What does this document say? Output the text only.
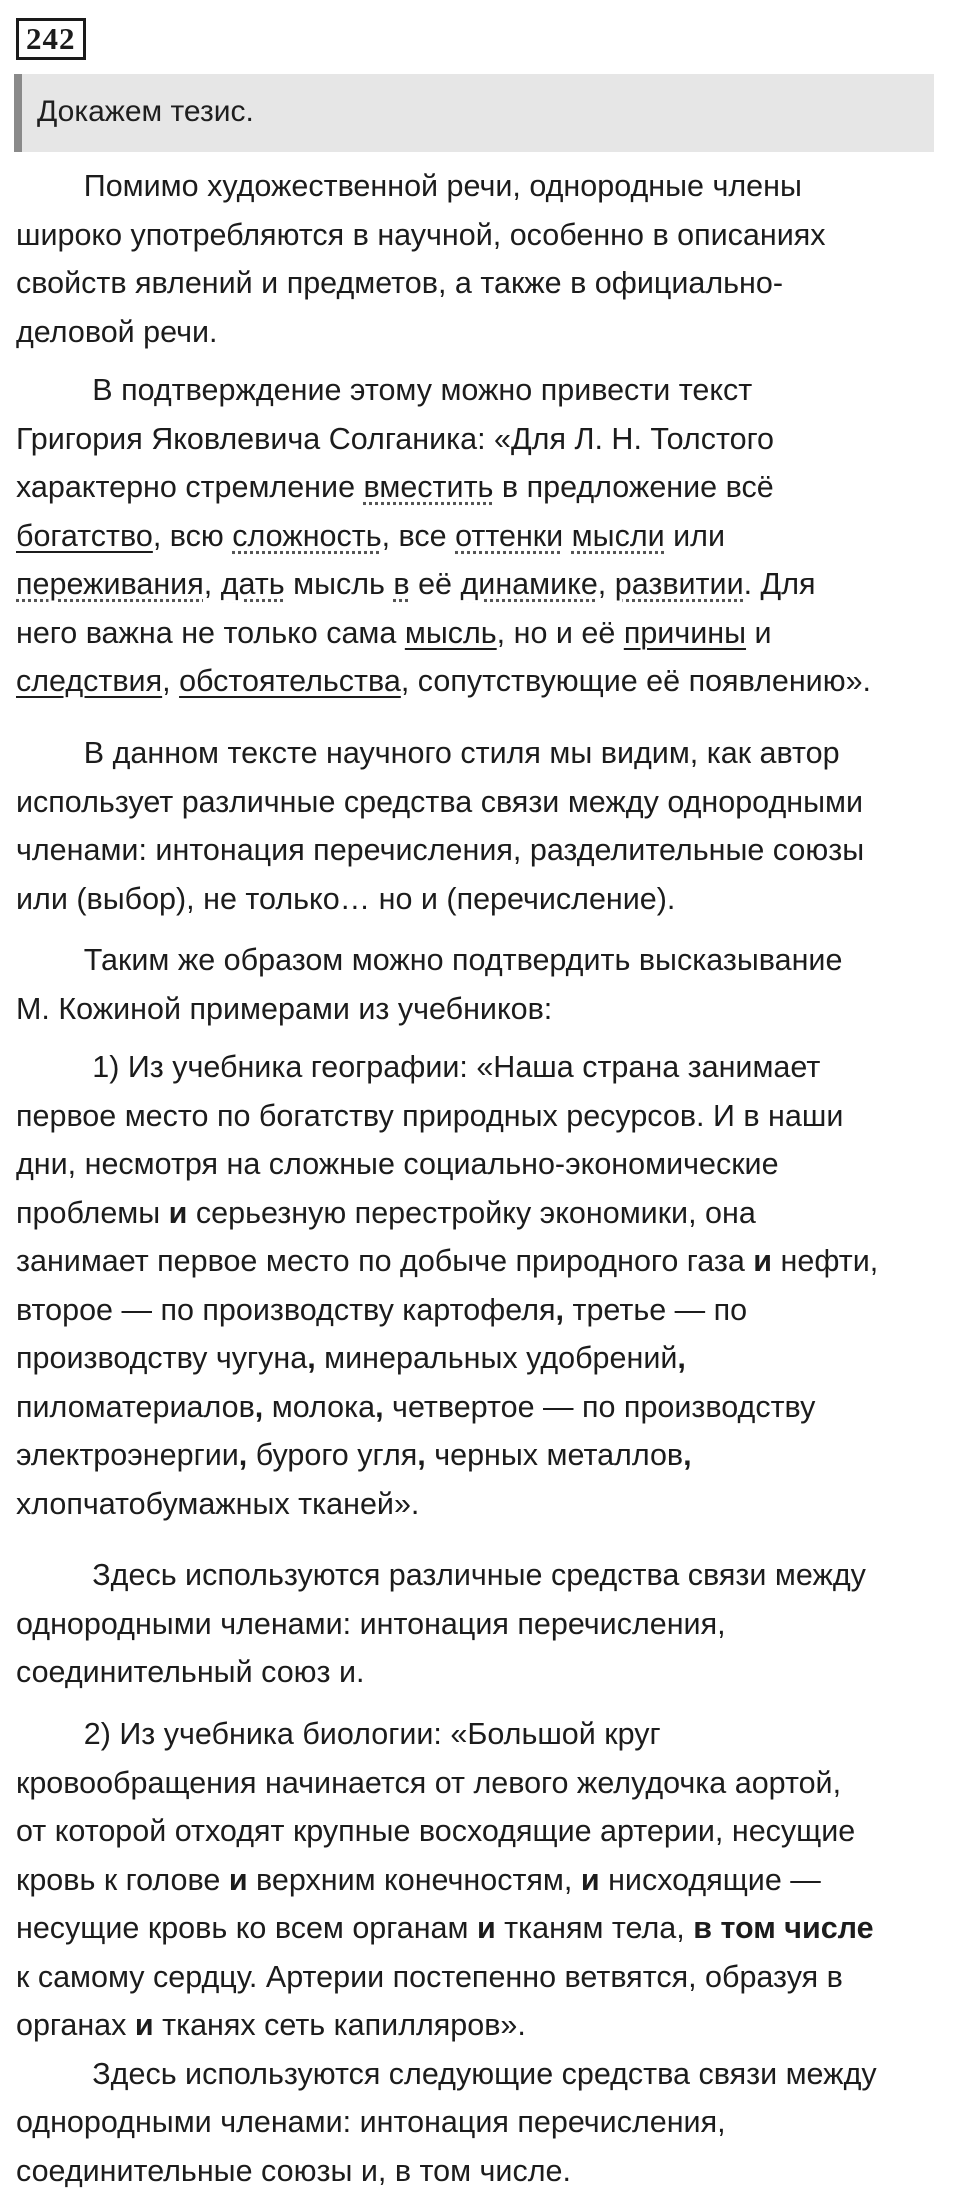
242
Докажем тезис.
Помимо художественной речи, однородные члены
широко употребляются в научной, особенно в описаниях
свойств явлений и предметов, а также в официально-
деловой речи.
В подтверждение этому можно привести текст
Григория Яковлевича Солганика: «Для Л. Н. Толстого
характерно стремление вместить в предложение всё
богатство, всю сложность, все оттенки мысли или
переживания, дать мысль в её динамике, развитии. Для
него важна не только сама мысль, но и её причины и
следствия, обстоятельства, сопутствующие её появлению».
В данном тексте научного стиля мы видим, как автор
использует различные средства связи между однородными
членами: интонация перечисления, разделительные союзы
или (выбор), не только… но и (перечисление).
Таким же образом можно подтвердить высказывание
М. Кожиной примерами из учебников:
1) Из учебника географии: «Наша страна занимает
первое место по богатству природных ресурсов. И в наши
дни, несмотря на сложные социально-экономические
проблемы и серьезную перестройку экономики, она
занимает первое место по добыче природного газа и нефти,
второе — по производству картофеля, третье — по
производству чугуна, минеральных удобрений,
пиломатериалов, молока, четвертое — по производству
электроэнергии, бурого угля, черных металлов,
хлопчатобумажных тканей».
Здесь используются различные средства связи между
однородными членами: интонация перечисления,
соединительный союз и.
2) Из учебника биологии: «Большой круг
кровообращения начинается от левого желудочка аортой,
от которой отходят крупные восходящие артерии, несущие
кровь к голове и верхним конечностям, и нисходящие —
несущие кровь ко всем органам и тканям тела, в том числе
к самому сердцу. Артерии постепенно ветвятся, образуя в
органах и тканях сеть капилляров».
Здесь используются следующие средства связи между
однородными членами: интонация перечисления,
соединительные союзы и, в том числе.
